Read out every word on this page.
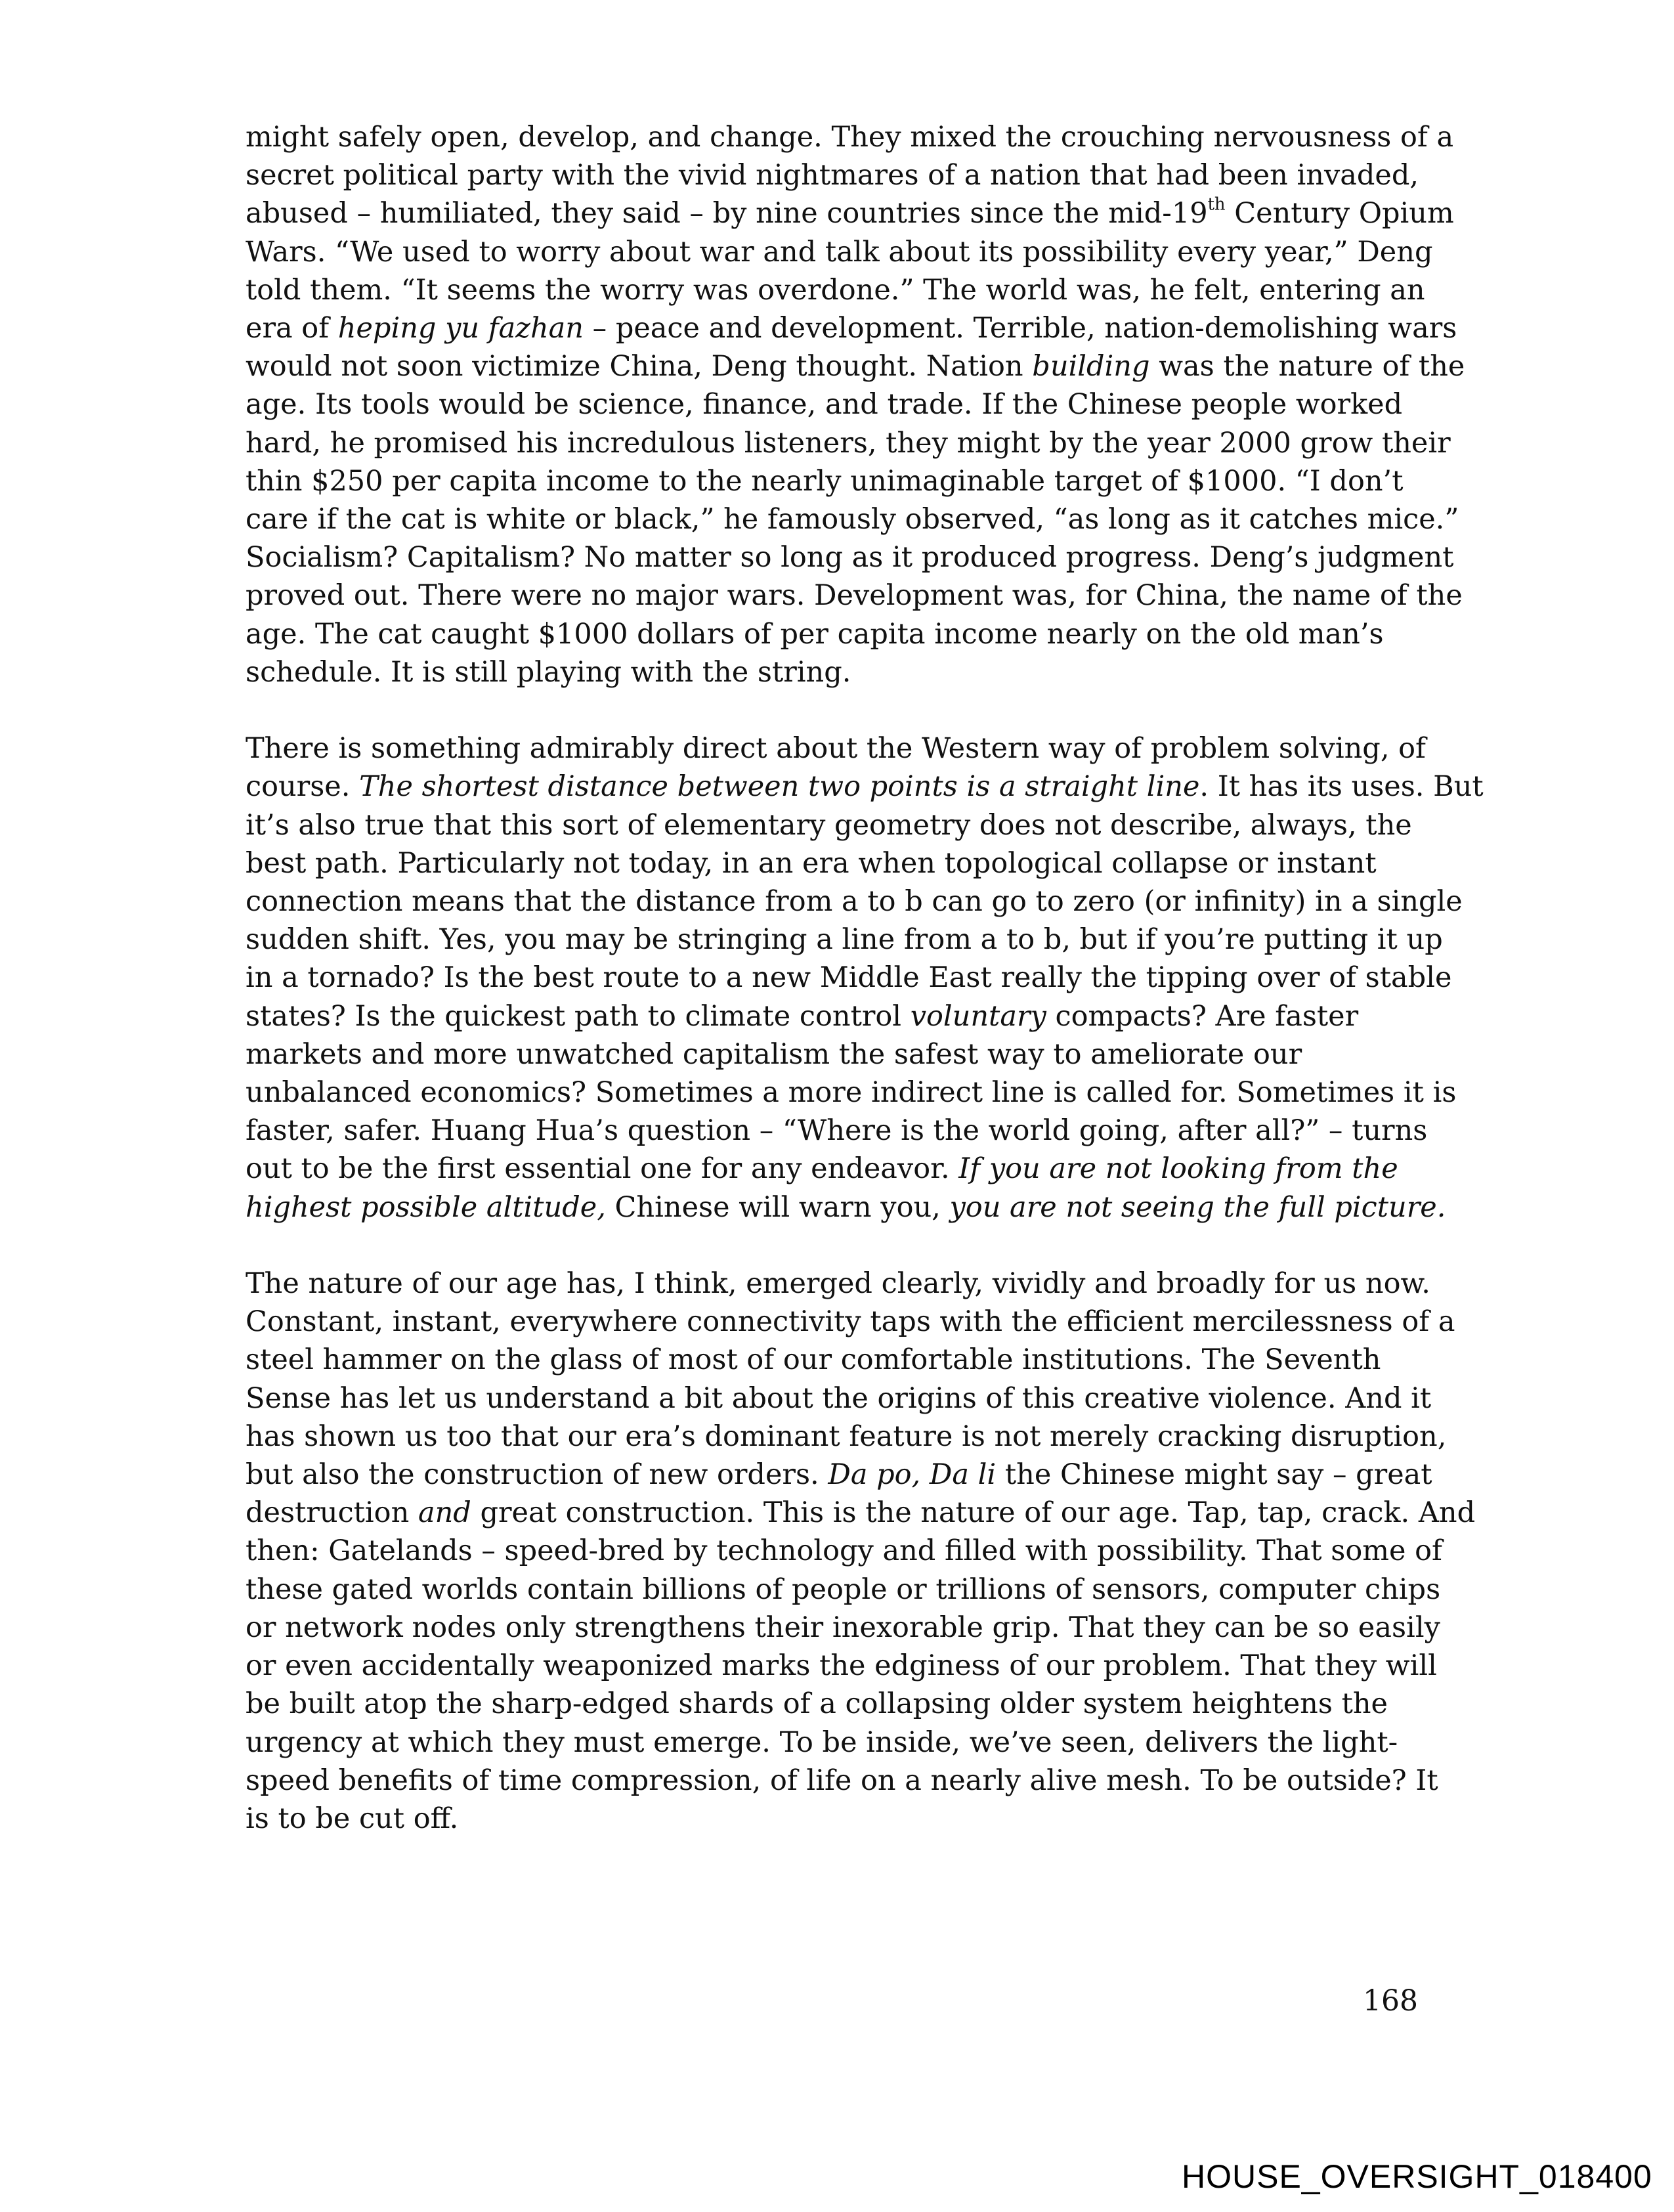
might safely open, develop, and change. They mixed the crouching nervousness of a
secret political party with the vivid nightmares of a nation that had been invaded,
abused – humiliated, they said – by nine countries since the mid-19th Century Opium
Wars. “We used to worry about war and talk about its possibility every year,” Deng
told them. “It seems the worry was overdone.” The world was, he felt, entering an
era of heping yu fazhan – peace and development. Terrible, nation-demolishing wars
would not soon victimize China, Deng thought. Nation building was the nature of the
age. Its tools would be science, finance, and trade. If the Chinese people worked
hard, he promised his incredulous listeners, they might by the year 2000 grow their
thin $250 per capita income to the nearly unimaginable target of $1000. “I don’t
care if the cat is white or black,” he famously observed, “as long as it catches mice.”
Socialism? Capitalism? No matter so long as it produced progress. Deng’s judgment
proved out. There were no major wars. Development was, for China, the name of the
age. The cat caught $1000 dollars of per capita income nearly on the old man’s
schedule. It is still playing with the string.

There is something admirably direct about the Western way of problem solving, of
course. The shortest distance between two points is a straight line. It has its uses. But
it’s also true that this sort of elementary geometry does not describe, always, the
best path. Particularly not today, in an era when topological collapse or instant
connection means that the distance from a to b can go to zero (or infinity) in a single
sudden shift. Yes, you may be stringing a line from a to b, but if you’re putting it up
in a tornado? Is the best route to a new Middle East really the tipping over of stable
states? Is the quickest path to climate control voluntary compacts? Are faster
markets and more unwatched capitalism the safest way to ameliorate our
unbalanced economics? Sometimes a more indirect line is called for. Sometimes it is
faster, safer. Huang Hua’s question – “Where is the world going, after all?” – turns
out to be the first essential one for any endeavor. If you are not looking from the
highest possible altitude, Chinese will warn you, you are not seeing the full picture.

The nature of our age has, I think, emerged clearly, vividly and broadly for us now.
Constant, instant, everywhere connectivity taps with the efficient mercilessness of a
steel hammer on the glass of most of our comfortable institutions. The Seventh
Sense has let us understand a bit about the origins of this creative violence. And it
has shown us too that our era’s dominant feature is not merely cracking disruption,
but also the construction of new orders. Da po, Da li the Chinese might say – great
destruction and great construction. This is the nature of our age. Tap, tap, crack. And
then: Gatelands – speed-bred by technology and filled with possibility. That some of
these gated worlds contain billions of people or trillions of sensors, computer chips
or network nodes only strengthens their inexorable grip. That they can be so easily
or even accidentally weaponized marks the edginess of our problem. That they will
be built atop the sharp-edged shards of a collapsing older system heightens the
urgency at which they must emerge. To be inside, we’ve seen, delivers the light-
speed benefits of time compression, of life on a nearly alive mesh. To be outside? It
is to be cut off.

168
HOUSE_OVERSIGHT_018400
